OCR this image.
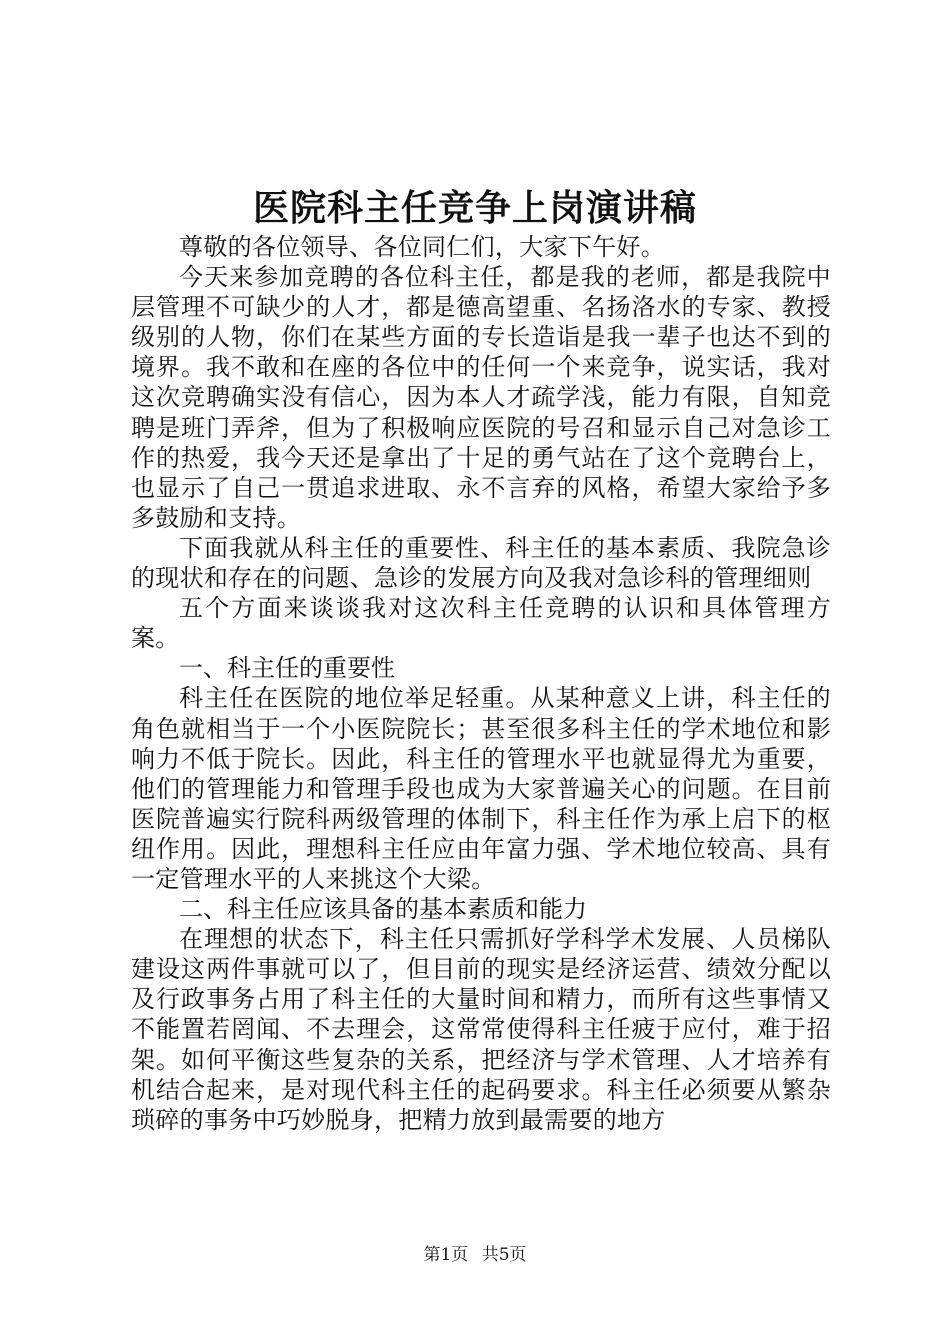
医院科主任竞争上岗演讲稿

尊敬的各位领导、各位同仁们，大家下午好。

今天来参加竞聘的各位科主任，都是我的老师，都是我院中层管理不可缺少的人才，都是德高望重、名扬洛水的专家、教授级别的人物，你们在某些方面的专长造诣是我一辈子也达不到的境界。我不敢和在座的各位中的任何一个来竞争，说实话，我对这次竞聘确实没有信心，因为本人才疏学浅，能力有限，自知竞聘是班门弄斧，但为了积极响应医院的号召和显示自己对急诊工作的热爱，我今天还是拿出了十足的勇气站在了这个竞聘台上，也显示了自己一贯追求进取、永不言弃的风格，希望大家给予多多鼓励和支持。

下面我就从科主任的重要性、科主任的基本素质、我院急诊的现状和存在的问题、急诊的发展方向及我对急诊科的管理细则

五个方面来谈谈我对这次科主任竞聘的认识和具体管理方案。

一、科主任的重要性

科主任在医院的地位举足轻重。从某种意义上讲，科主任的角色就相当于一个小医院院长；甚至很多科主任的学术地位和影响力不低于院长。因此，科主任的管理水平也就显得尤为重要，他们的管理能力和管理手段也成为大家普遍关心的问题。在目前医院普遍实行院科两级管理的体制下，科主任作为承上启下的枢纽作用。因此，理想科主任应由年富力强、学术地位较高、具有一定管理水平的人来挑这个大梁。

二、科主任应该具备的基本素质和能力

在理想的状态下，科主任只需抓好学科学术发展、人员梯队建设这两件事就可以了，但目前的现实是经济运营、绩效分配以及行政事务占用了科主任的大量时间和精力，而所有这些事情又不能置若罔闻、不去理会，这常常使得科主任疲于应付，难于招架。如何平衡这些复杂的关系，把经济与学术管理、人才培养有机结合起来，是对现代科主任的起码要求。科主任必须要从繁杂琐碎的事务中巧妙脱身，把精力放到最需要的地方

第1页 共5页
